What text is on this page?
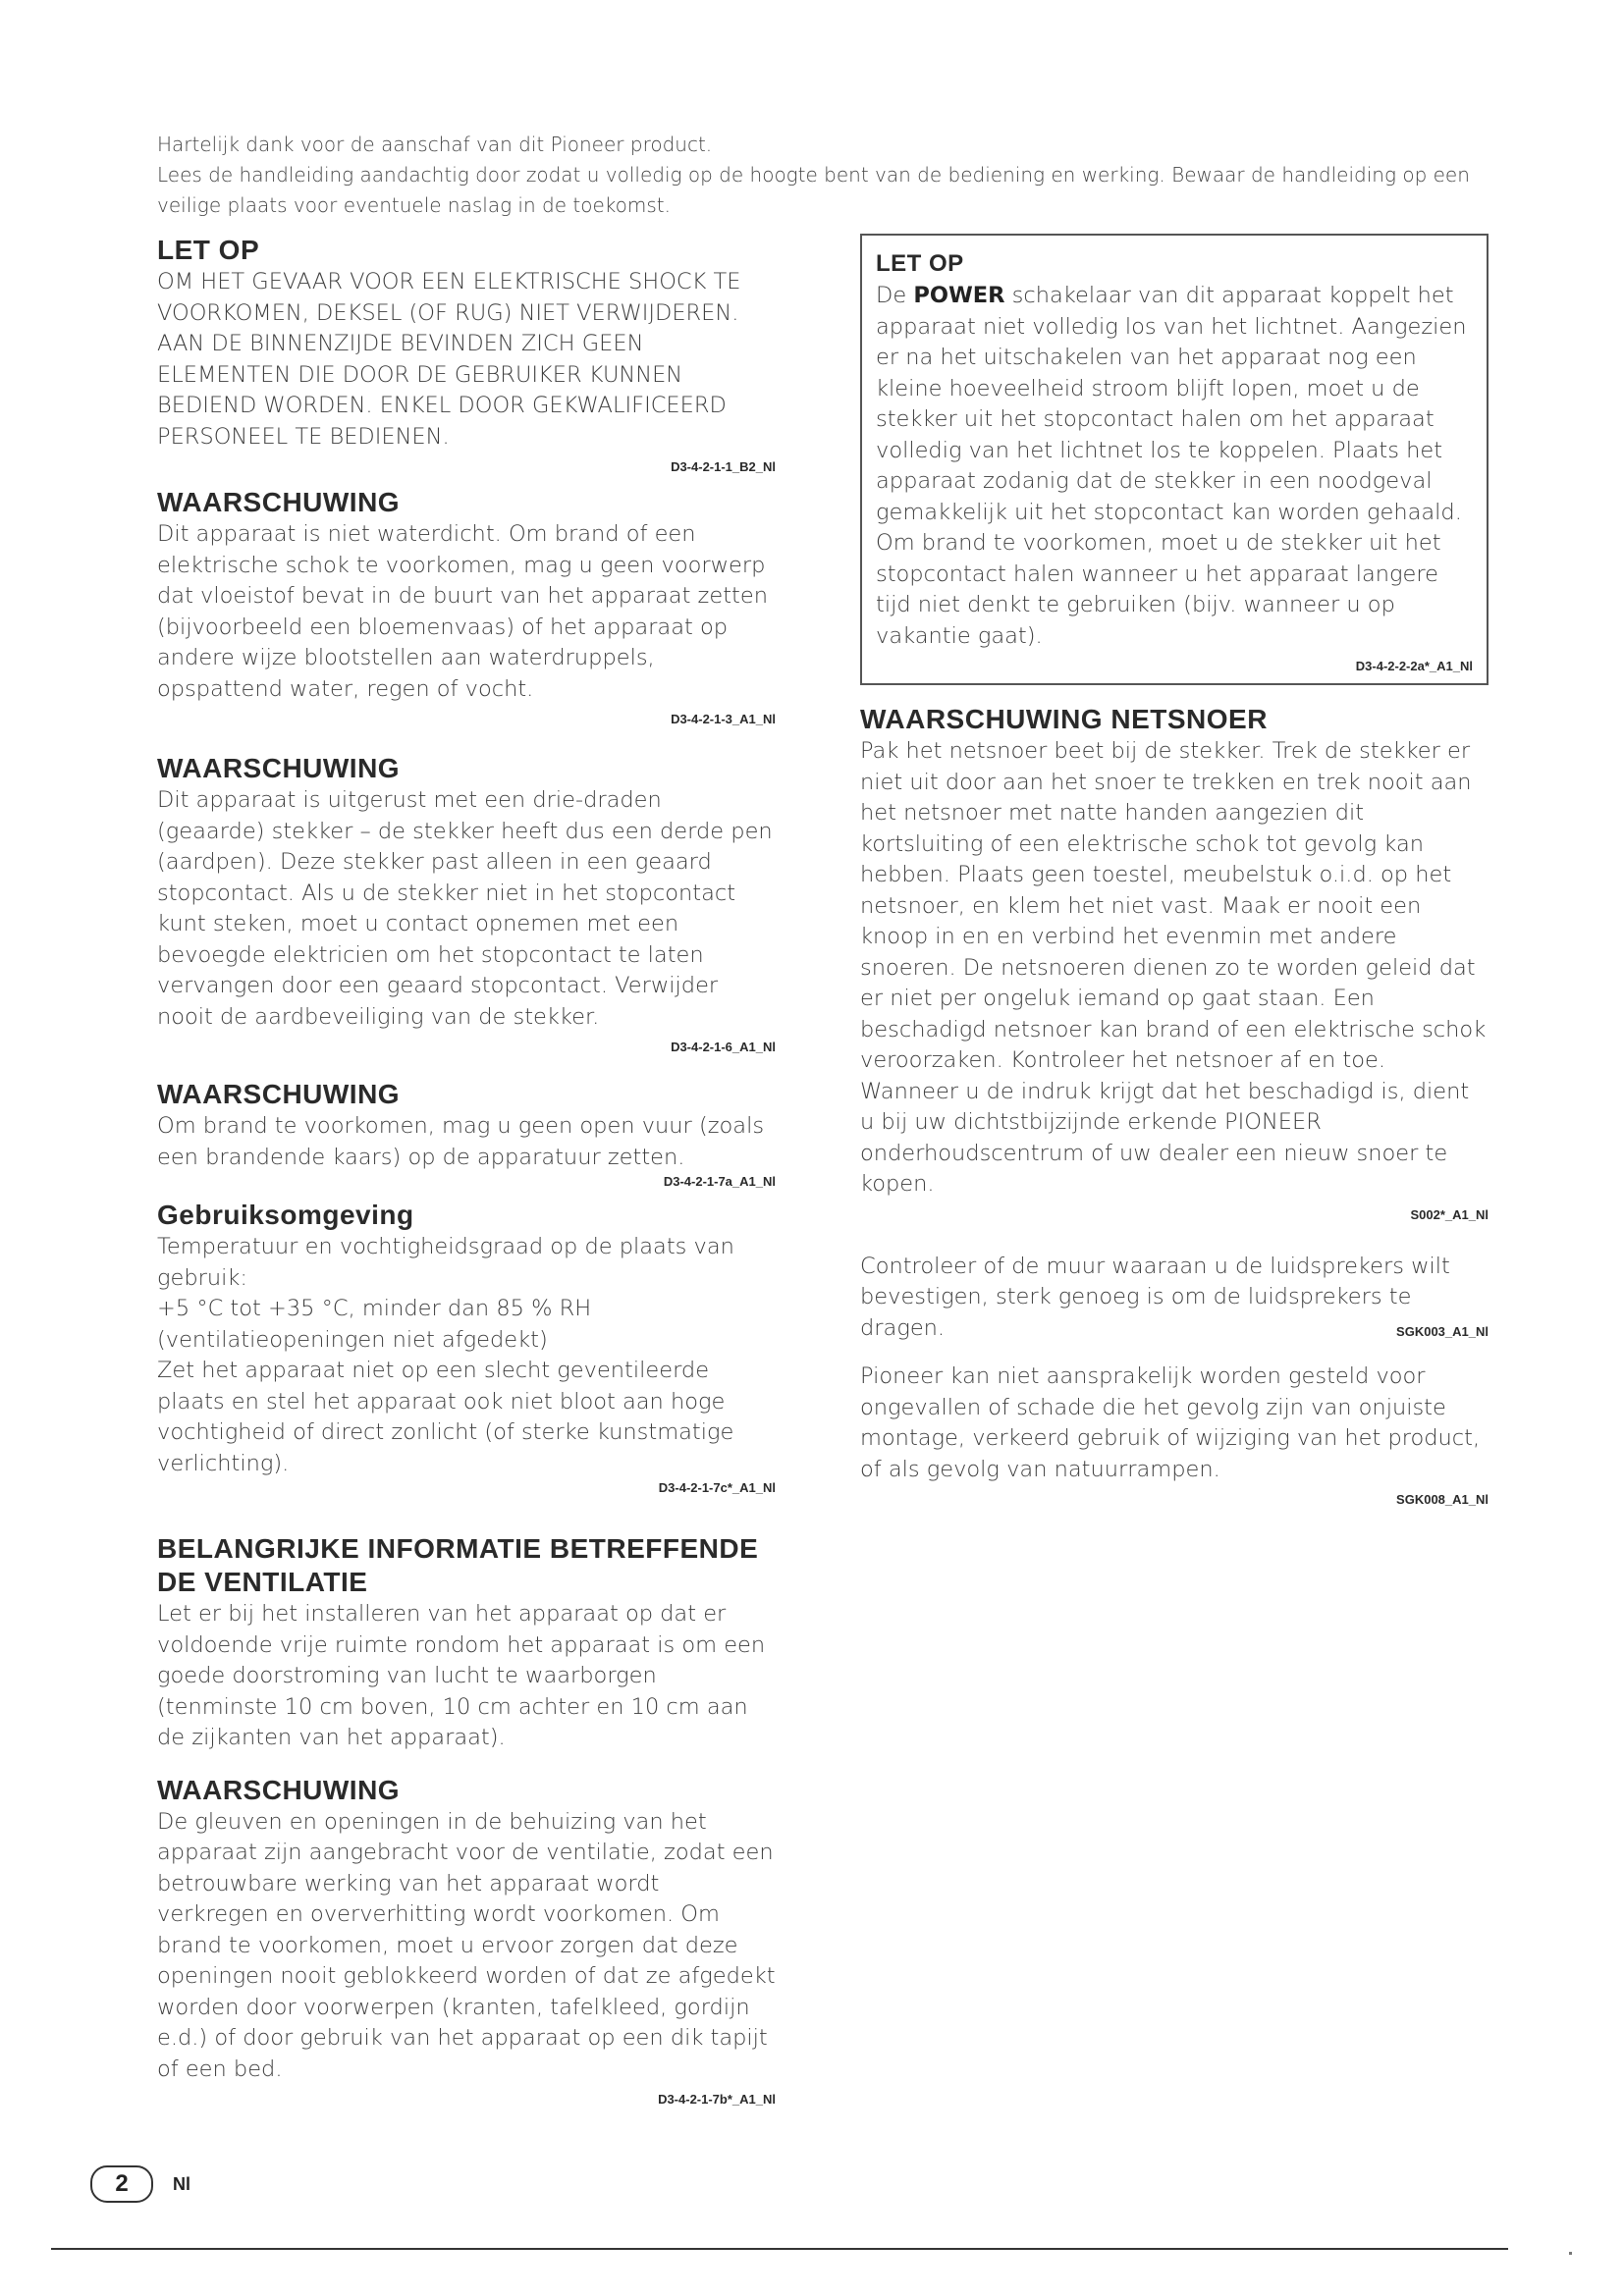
Hartelijk dank voor de aanschaf van dit Pioneer product.

Lees de handleiding aandachtig door zodat u volledig op de hoogte bent van de bediening en werking. Bewaar de handleiding op een veilige plaats voor eventuele naslag in de toekomst.

LET OP
OM HET GEVAAR VOOR EEN ELEKTRISCHE SHOCK TE VOORKOMEN, DEKSEL (OF RUG) NIET VERWIJDEREN. AAN DE BINNENZIJDE BEVINDEN ZICH GEEN ELEMENTEN DIE DOOR DE GEBRUIKER KUNNEN BEDIEND WORDEN. ENKEL DOOR GEKWALIFICEERD PERSONEEL TE BEDIENEN.
D3-4-2-1-1_B2_Nl
WAARSCHUWING
Dit apparaat is niet waterdicht. Om brand of een elektrische schok te voorkomen, mag u geen voorwerp dat vloeistof bevat in de buurt van het apparaat zetten (bijvoorbeeld een bloemenvaas) of het apparaat op andere wijze blootstellen aan waterdruppels, opspattend water, regen of vocht.
D3-4-2-1-3_A1_Nl
WAARSCHUWING
Dit apparaat is uitgerust met een drie-draden (geaarde) stekker – de stekker heeft dus een derde pen (aardpen). Deze stekker past alleen in een geaard stopcontact. Als u de stekker niet in het stopcontact kunt steken, moet u contact opnemen met een bevoegde elektricien om het stopcontact te laten vervangen door een geaard stopcontact. Verwijder nooit de aardbeveiliging van de stekker.
D3-4-2-1-6_A1_Nl
WAARSCHUWING
Om brand te voorkomen, mag u geen open vuur (zoals een brandende kaars) op de apparatuur zetten.
D3-4-2-1-7a_A1_Nl
Gebruiksomgeving

Temperatuur en vochtigheidsgraad op de plaats van gebruik:

+5 °C tot +35 °C, minder dan 85 % RH

(ventilatieopeningen niet afgedekt)

Zet het apparaat niet op een slecht geventileerde plaats en stel het apparaat ook niet bloot aan hoge vochtigheid of direct zonlicht (of sterke kunstmatige verlichting).

D3-4-2-1-7c*_A1_Nl
BELANGRIJKE INFORMATIE BETREFFENDE DE VENTILATIE
Let er bij het installeren van het apparaat op dat er voldoende vrije ruimte rondom het apparaat is om een goede doorstroming van lucht te waarborgen (tenminste 10 cm boven, 10 cm achter en 10 cm aan de zijkanten van het apparaat).
WAARSCHUWING
De gleuven en openingen in de behuizing van het apparaat zijn aangebracht voor de ventilatie, zodat een betrouwbare werking van het apparaat wordt verkregen en oververhitting wordt voorkomen. Om brand te voorkomen, moet u ervoor zorgen dat deze openingen nooit geblokkeerd worden of dat ze afgedekt worden door voorwerpen (kranten, tafelkleed, gordijn e.d.) of door gebruik van het apparaat op een dik tapijt of een bed.
D3-4-2-1-7b*_A1_Nl
LET OP
De POWER schakelaar van dit apparaat koppelt het apparaat niet volledig los van het lichtnet. Aangezien er na het uitschakelen van het apparaat nog een kleine hoeveelheid stroom blijft lopen, moet u de stekker uit het stopcontact halen om het apparaat volledig van het lichtnet los te koppelen. Plaats het apparaat zodanig dat de stekker in een noodgeval gemakkelijk uit het stopcontact kan worden gehaald. Om brand te voorkomen, moet u de stekker uit het stopcontact halen wanneer u het apparaat langere tijd niet denkt te gebruiken (bijv. wanneer u op vakantie gaat).
D3-4-2-2-2a*_A1_Nl
WAARSCHUWING NETSNOER
Pak het netsnoer beet bij de stekker. Trek de stekker er niet uit door aan het snoer te trekken en trek nooit aan het netsnoer met natte handen aangezien dit kortsluiting of een elektrische schok tot gevolg kan hebben. Plaats geen toestel, meubelstuk o.i.d. op het netsnoer, en klem het niet vast. Maak er nooit een knoop in en en verbind het evenmin met andere snoeren. De netsnoeren dienen zo te worden geleid dat er niet per ongeluk iemand op gaat staan. Een beschadigd netsnoer kan brand of een elektrische schok veroorzaken. Kontroleer het netsnoer af en toe. Wanneer u de indruk krijgt dat het beschadigd is, dient u bij uw dichtstbijzijnde erkende PIONEER onderhoudscentrum of uw dealer een nieuw snoer te kopen.
S002*_A1_Nl
Controleer of de muur waaraan u de luidsprekers wilt bevestigen, sterk genoeg is om de luidsprekers te dragen.	SGK003_A1_Nl
Pioneer kan niet aansprakelijk worden gesteld voor ongevallen of schade die het gevolg zijn van onjuiste montage, verkeerd gebruik of wijziging van het product, of als gevolg van natuurrampen.
SGK008_A1_Nl
2	Nl
